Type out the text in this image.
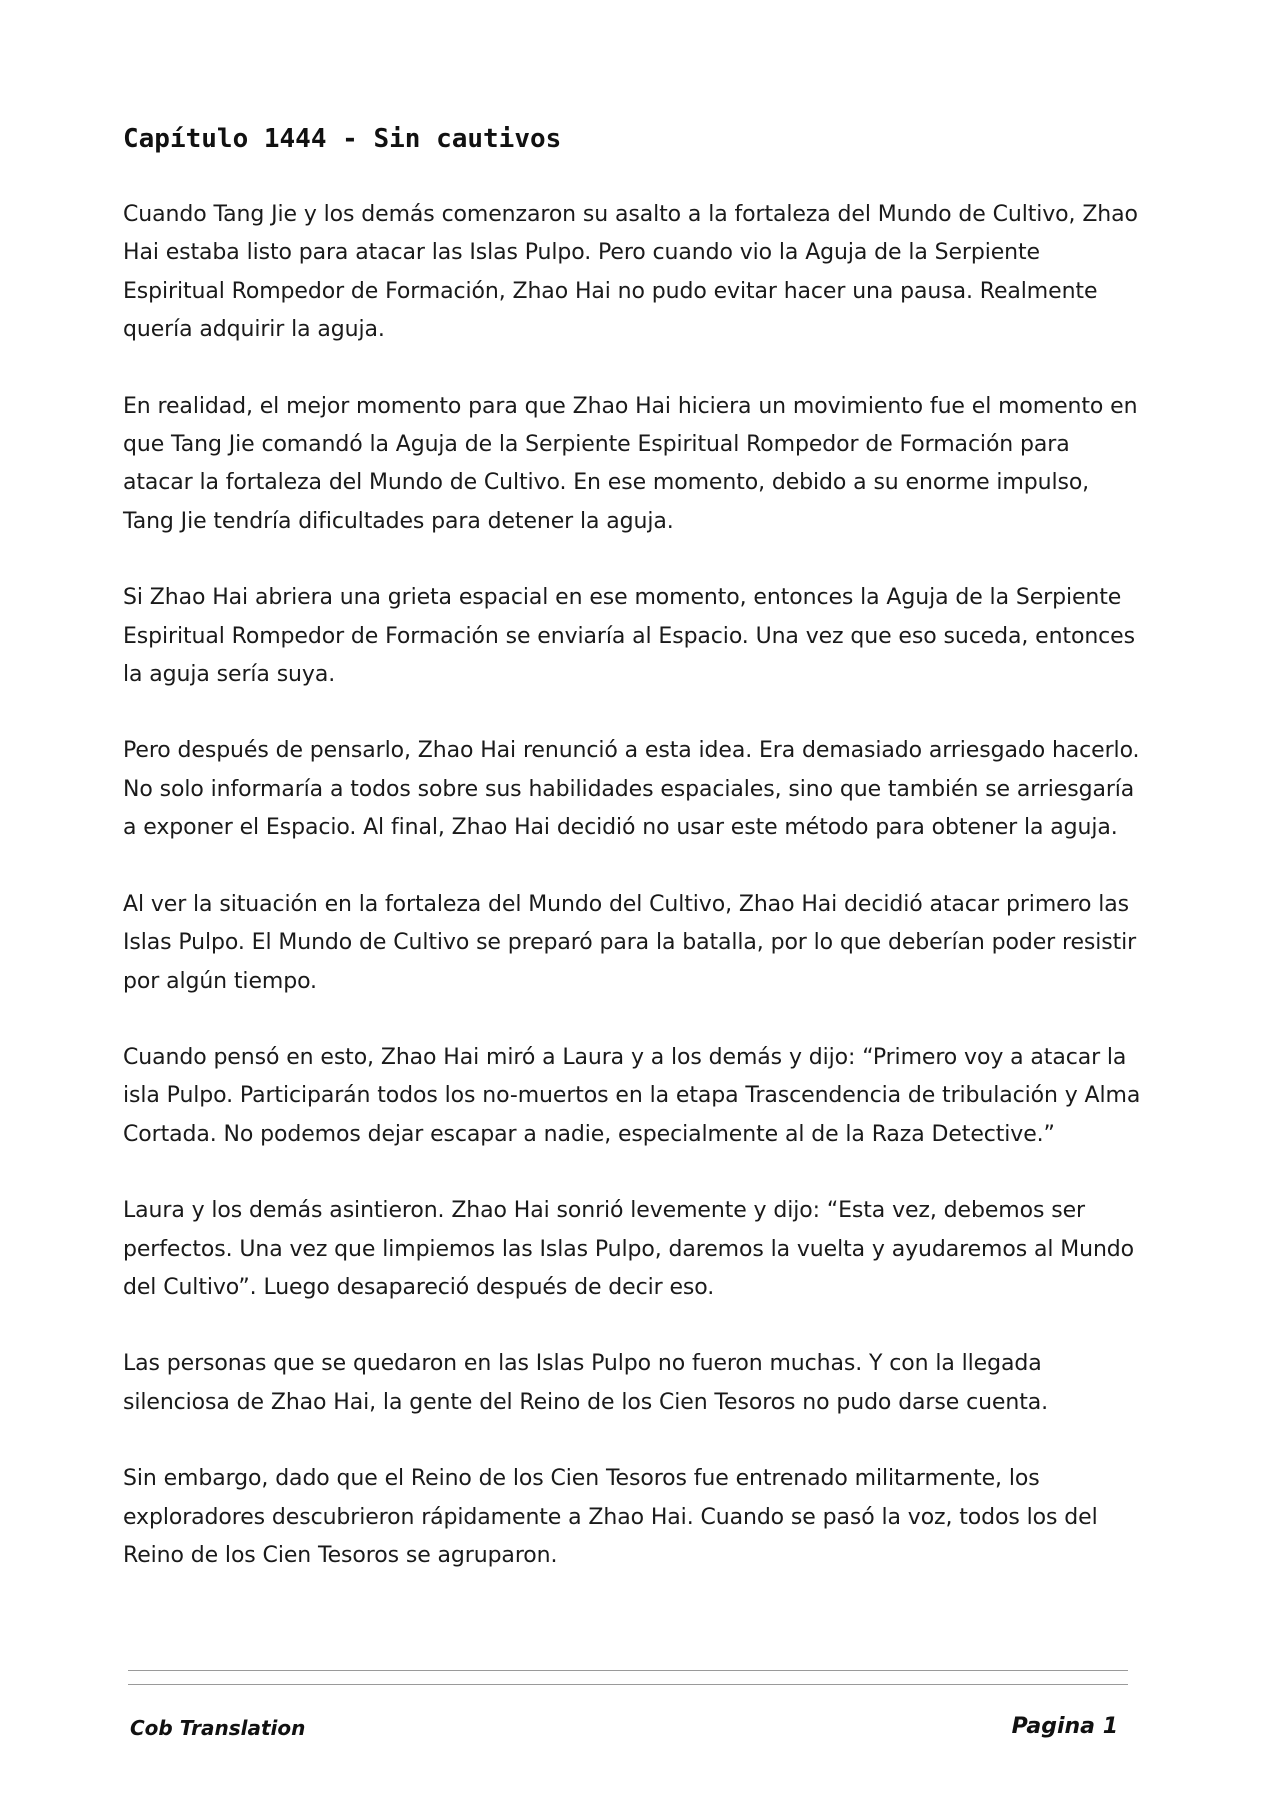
Capítulo 1444 - Sin cautivos

Cuando Tang Jie y los demás comenzaron su asalto a la fortaleza del Mundo de Cultivo, Zhao Hai estaba listo para atacar las Islas Pulpo. Pero cuando vio la Aguja de la Serpiente Espiritual Rompedor de Formación, Zhao Hai no pudo evitar hacer una pausa. Realmente quería adquirir la aguja.

En realidad, el mejor momento para que Zhao Hai hiciera un movimiento fue el momento en que Tang Jie comandó la Aguja de la Serpiente Espiritual Rompedor de Formación para atacar la fortaleza del Mundo de Cultivo. En ese momento, debido a su enorme impulso, Tang Jie tendría dificultades para detener la aguja.

Si Zhao Hai abriera una grieta espacial en ese momento, entonces la Aguja de la Serpiente Espiritual Rompedor de Formación se enviaría al Espacio. Una vez que eso suceda, entonces la aguja sería suya.

Pero después de pensarlo, Zhao Hai renunció a esta idea. Era demasiado arriesgado hacerlo. No solo informaría a todos sobre sus habilidades espaciales, sino que también se arriesgaría a exponer el Espacio. Al final, Zhao Hai decidió no usar este método para obtener la aguja.

Al ver la situación en la fortaleza del Mundo del Cultivo, Zhao Hai decidió atacar primero las Islas Pulpo. El Mundo de Cultivo se preparó para la batalla, por lo que deberían poder resistir por algún tiempo.

Cuando pensó en esto, Zhao Hai miró a Laura y a los demás y dijo: “Primero voy a atacar la isla Pulpo. Participarán todos los no-muertos en la etapa Trascendencia de tribulación y Alma Cortada. No podemos dejar escapar a nadie, especialmente al de la Raza Detective.”

Laura y los demás asintieron. Zhao Hai sonrió levemente y dijo: “Esta vez, debemos ser perfectos. Una vez que limpiemos las Islas Pulpo, daremos la vuelta y ayudaremos al Mundo del Cultivo”. Luego desapareció después de decir eso.

Las personas que se quedaron en las Islas Pulpo no fueron muchas. Y con la llegada silenciosa de Zhao Hai, la gente del Reino de los Cien Tesoros no pudo darse cuenta.

Sin embargo, dado que el Reino de los Cien Tesoros fue entrenado militarmente, los exploradores descubrieron rápidamente a Zhao Hai. Cuando se pasó la voz, todos los del Reino de los Cien Tesoros se agruparon.

Cob Translation	Pagina 1
